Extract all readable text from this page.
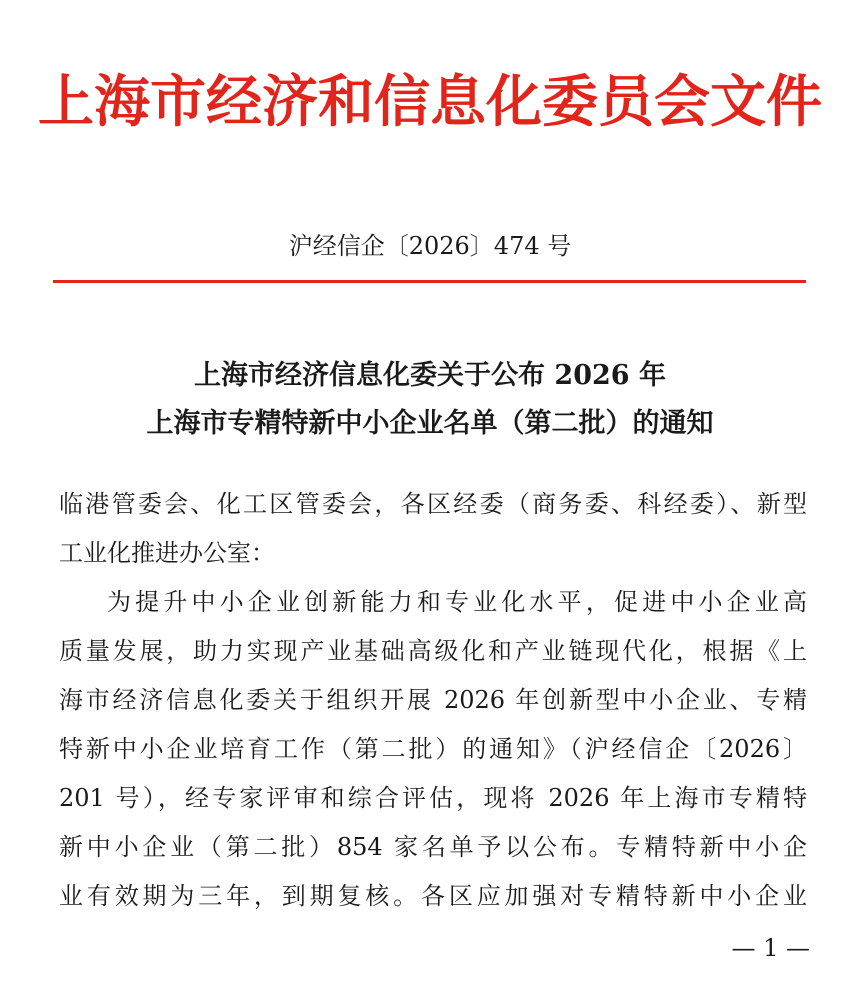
上海市经济和信息化委员会文件
沪经信企〔2026〕474 号
上海市经济信息化委关于公布 2026 年
上海市专精特新中小企业名单（第二批）的通知
临港管委会、化工区管委会，各区经委（商务委、科经委）、新型
工业化推进办公室：
为提升中小企业创新能力和专业化水平，促进中小企业高
质量发展，助力实现产业基础高级化和产业链现代化，根据《上
海市经济信息化委关于组织开展 2026 年创新型中小企业、专精
特新中小企业培育工作（第二批）的通知》（沪经信企〔2026〕
201 号），经专家评审和综合评估，现将 2026 年上海市专精特
新中小企业（第二批）854 家名单予以公布。专精特新中小企
业有效期为三年，到期复核。各区应加强对专精特新中小企业
— 1 —
